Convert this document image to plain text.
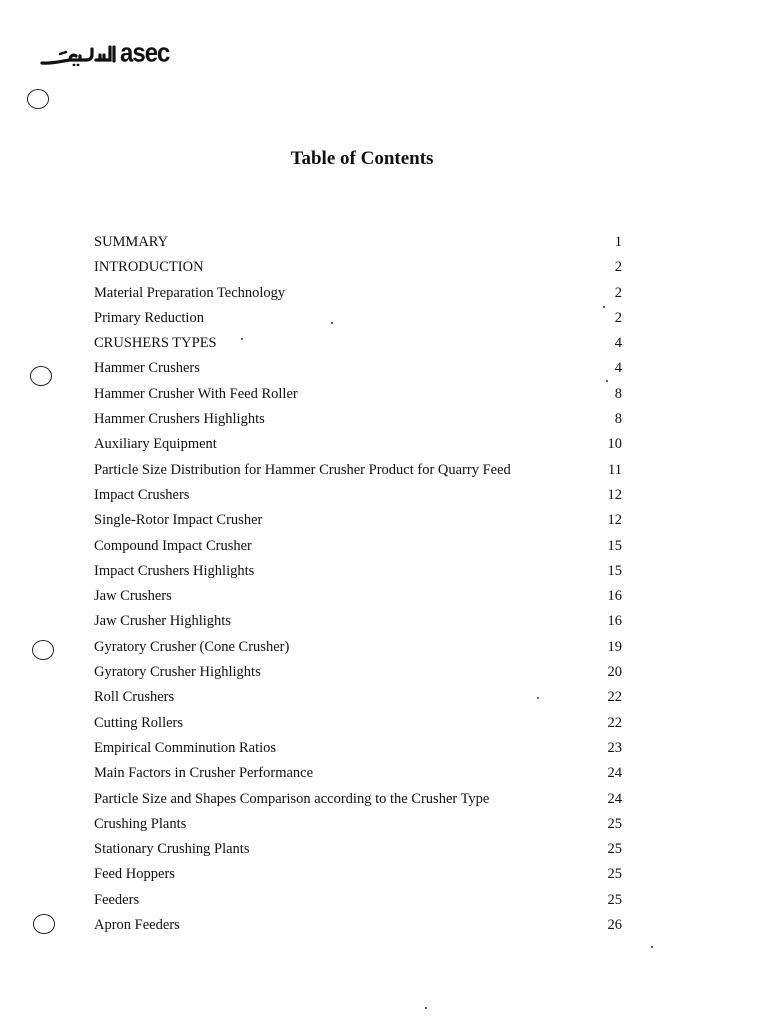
asec
Table of Contents
SUMMARY	1
INTRODUCTION	2
Material Preparation Technology	2
Primary Reduction	2
CRUSHERS TYPES	4
Hammer Crushers	4
Hammer Crusher With Feed Roller	8
Hammer Crushers Highlights	8
Auxiliary Equipment	10
Particle Size Distribution for Hammer Crusher Product for Quarry Feed	11
Impact Crushers	12
Single-Rotor Impact Crusher	12
Compound Impact Crusher	15
Impact Crushers Highlights	15
Jaw Crushers	16
Jaw Crusher Highlights	16
Gyratory Crusher (Cone Crusher)	19
Gyratory Crusher Highlights	20
Roll Crushers	22
Cutting Rollers	22
Empirical Comminution Ratios	23
Main Factors in Crusher Performance	24
Particle Size and Shapes Comparison according to the Crusher Type	24
Crushing Plants	25
Stationary Crushing Plants	25
Feed Hoppers	25
Feeders	25
Apron Feeders	26
